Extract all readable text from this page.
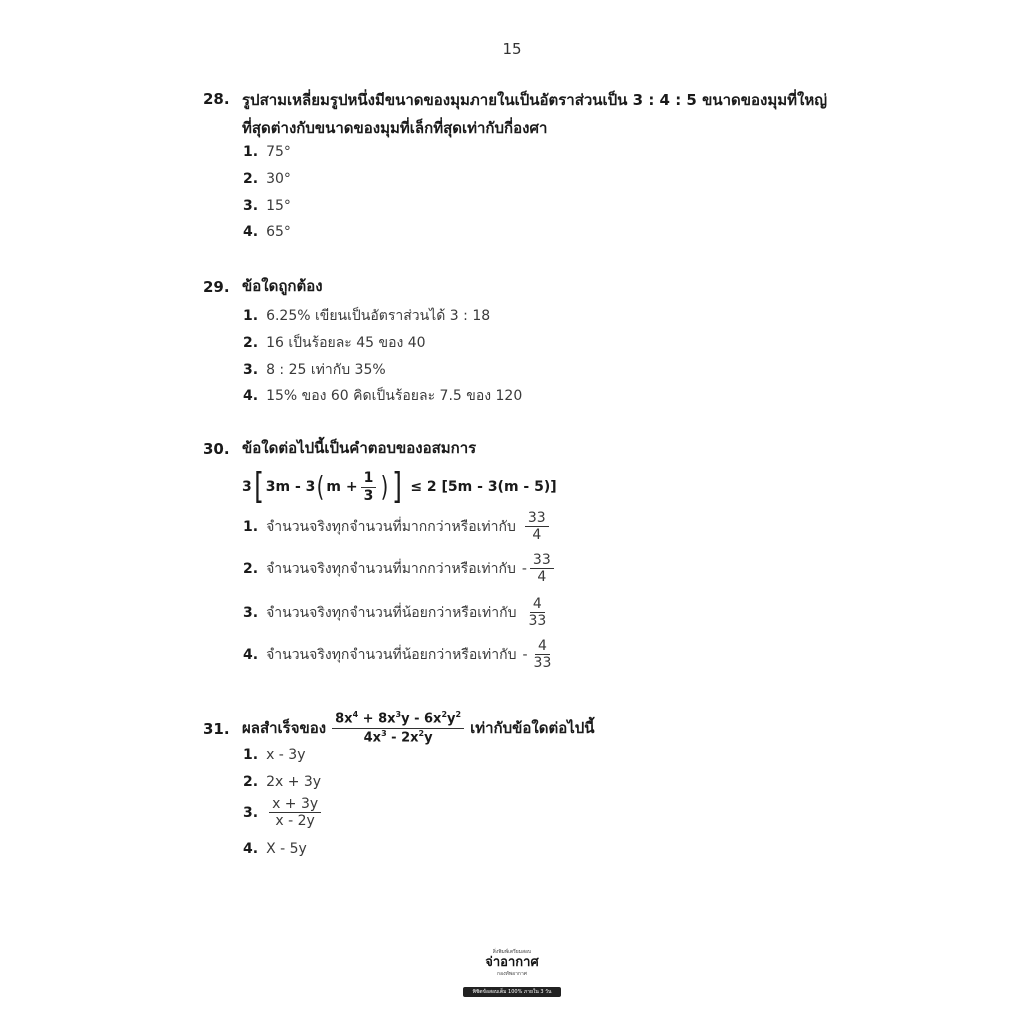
15
28. รูปสามเหลี่ยมรูปหนึ่งมีขนาดของมุมภายในเป็นอัตราส่วนเป็น 3 : 4 : 5 ขนาดของมุมที่ใหญ่
ที่สุดต่างกับขนาดของมุมที่เล็กที่สุดเท่ากับกี่องศา
1. 75°
2. 30°
3. 15°
4. 65°
29. ข้อใดถูกต้อง
1. 6.25% เขียนเป็นอัตราส่วนได้ 3 : 18
2. 16 เป็นร้อยละ 45 ของ 40
3. 8 : 25 เท่ากับ 35%
4. 15% ของ 60 คิดเป็นร้อยละ 7.5 ของ 120
30. ข้อใดต่อไปนี้เป็นคำตอบของอสมการ
3 [ 3m - 3 ( $m + \frac{1}{3}$ ) ] ≤ 2 [5m - 3(m - 5)]
1. จำนวนจริงทุกจำนวนที่มากกว่าหรือเท่ากับ $\frac{33}{4}$
2. จำนวนจริงทุกจำนวนที่มากกว่าหรือเท่ากับ - $\frac{33}{4}$
3. จำนวนจริงทุกจำนวนที่น้อยกว่าหรือเท่ากับ $\frac{4}{33}$
4. จำนวนจริงทุกจำนวนที่น้อยกว่าหรือเท่ากับ - $\frac{4}{33}$
31. ผลสำเร็จของ $\frac{8x^4 + 8x^3y - 6x^2y^2}{4x^3 - 2x^2y}$ เท่ากับข้อใดต่อไปนี้
1. x - 3y
2. 2x + 3y
3. $\frac{x + 3y}{x - 2y}$
4. X - 5y
สิ่งพิมพ์เตรียมสอบ
จ่าอากาศ
กองทัพอากาศ
พิชิตข้อสอบเต็ม 100% ภายใน 3 วัน
